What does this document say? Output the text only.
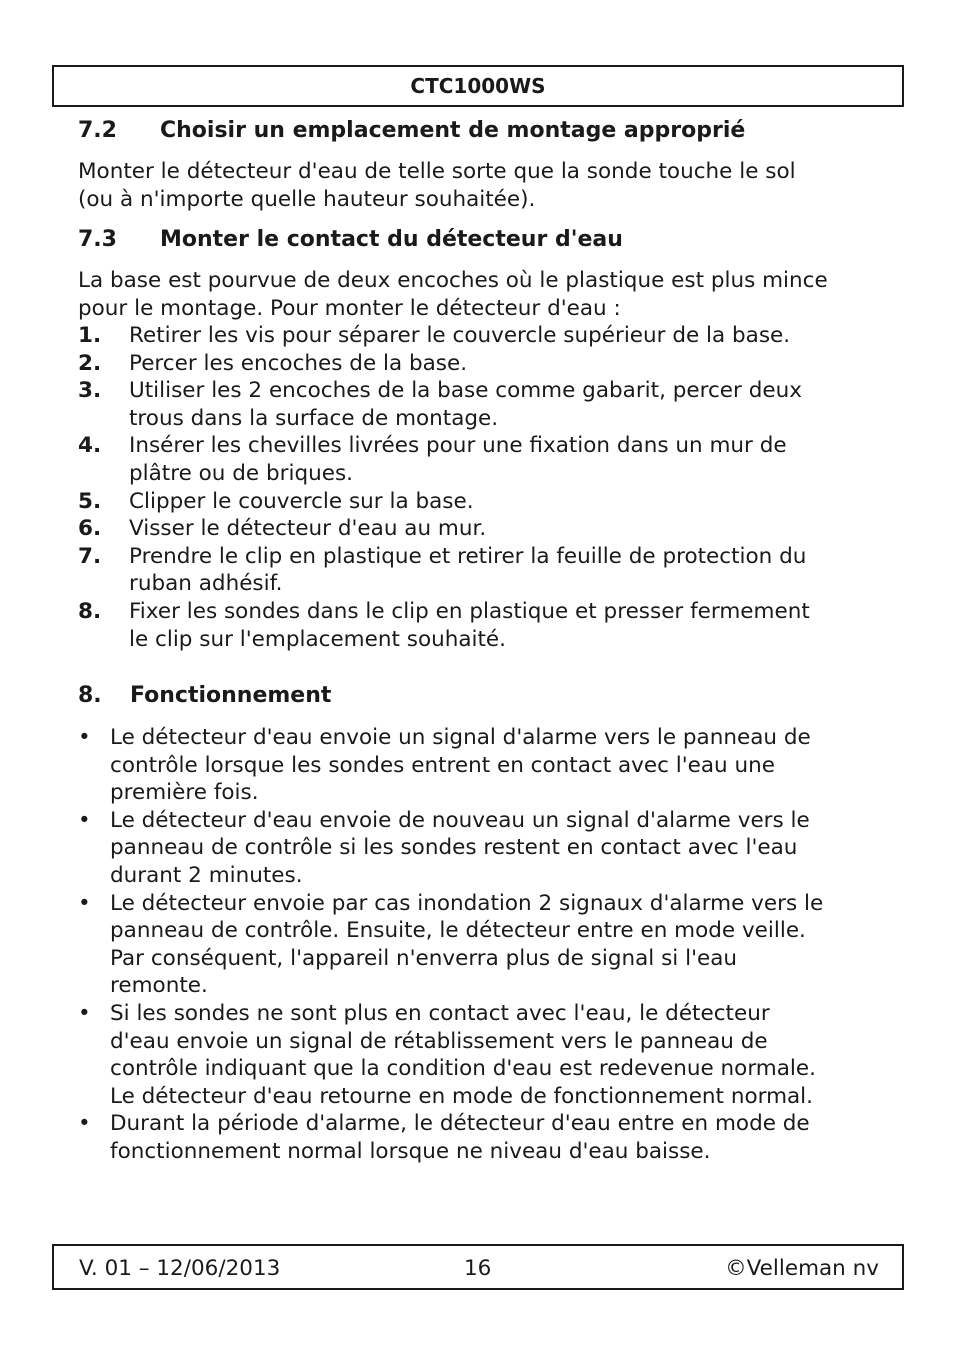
CTC1000WS
7.2 Choisir un emplacement de montage approprié
Monter le détecteur d'eau de telle sorte que la sonde touche le sol
(ou à n'importe quelle hauteur souhaitée).
7.3 Monter le contact du détecteur d'eau
La base est pourvue de deux encoches où le plastique est plus mince
pour le montage. Pour monter le détecteur d'eau :
1. Retirer les vis pour séparer le couvercle supérieur de la base.
2. Percer les encoches de la base.
3. Utiliser les 2 encoches de la base comme gabarit, percer deux
trous dans la surface de montage.
4. Insérer les chevilles livrées pour une fixation dans un mur de
plâtre ou de briques.
5. Clipper le couvercle sur la base.
6. Visser le détecteur d'eau au mur.
7. Prendre le clip en plastique et retirer la feuille de protection du
ruban adhésif.
8. Fixer les sondes dans le clip en plastique et presser fermement
le clip sur l'emplacement souhaité.
8. Fonctionnement
• Le détecteur d'eau envoie un signal d'alarme vers le panneau de
contrôle lorsque les sondes entrent en contact avec l'eau une
première fois.
• Le détecteur d'eau envoie de nouveau un signal d'alarme vers le
panneau de contrôle si les sondes restent en contact avec l'eau
durant 2 minutes.
• Le détecteur envoie par cas inondation 2 signaux d'alarme vers le
panneau de contrôle. Ensuite, le détecteur entre en mode veille.
Par conséquent, l'appareil n'enverra plus de signal si l'eau
remonte.
• Si les sondes ne sont plus en contact avec l'eau, le détecteur
d'eau envoie un signal de rétablissement vers le panneau de
contrôle indiquant que la condition d'eau est redevenue normale.
Le détecteur d'eau retourne en mode de fonctionnement normal.
• Durant la période d'alarme, le détecteur d'eau entre en mode de
fonctionnement normal lorsque ne niveau d'eau baisse.
V. 01 – 12/06/2013	16	©Velleman nv
